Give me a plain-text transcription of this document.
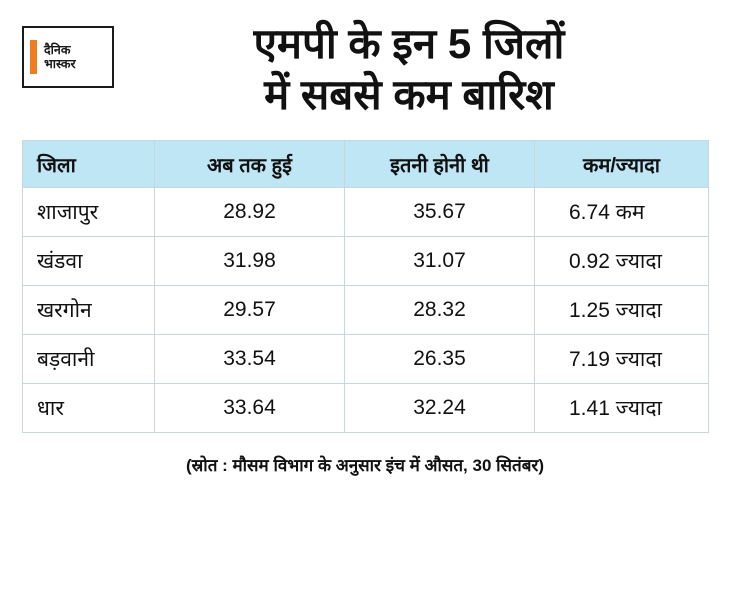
दैनिक
भास्कर	एमपी के इन 5 जिलों
में सबसे कम बारिश
जिला	अब तक हुई	इतनी होनी थी	कम/ज्यादा
शाजापुर	28.92	35.67	6.74 कम
खंडवा	31.98	31.07	0.92 ज्यादा
खरगोन	29.57	28.32	1.25 ज्यादा
बड़वानी	33.54	26.35	7.19 ज्यादा
धार	33.64	32.24	1.41 ज्यादा
(स्रोत : मौसम विभाग के अनुसार इंच में औसत, 30 सितंबर)
